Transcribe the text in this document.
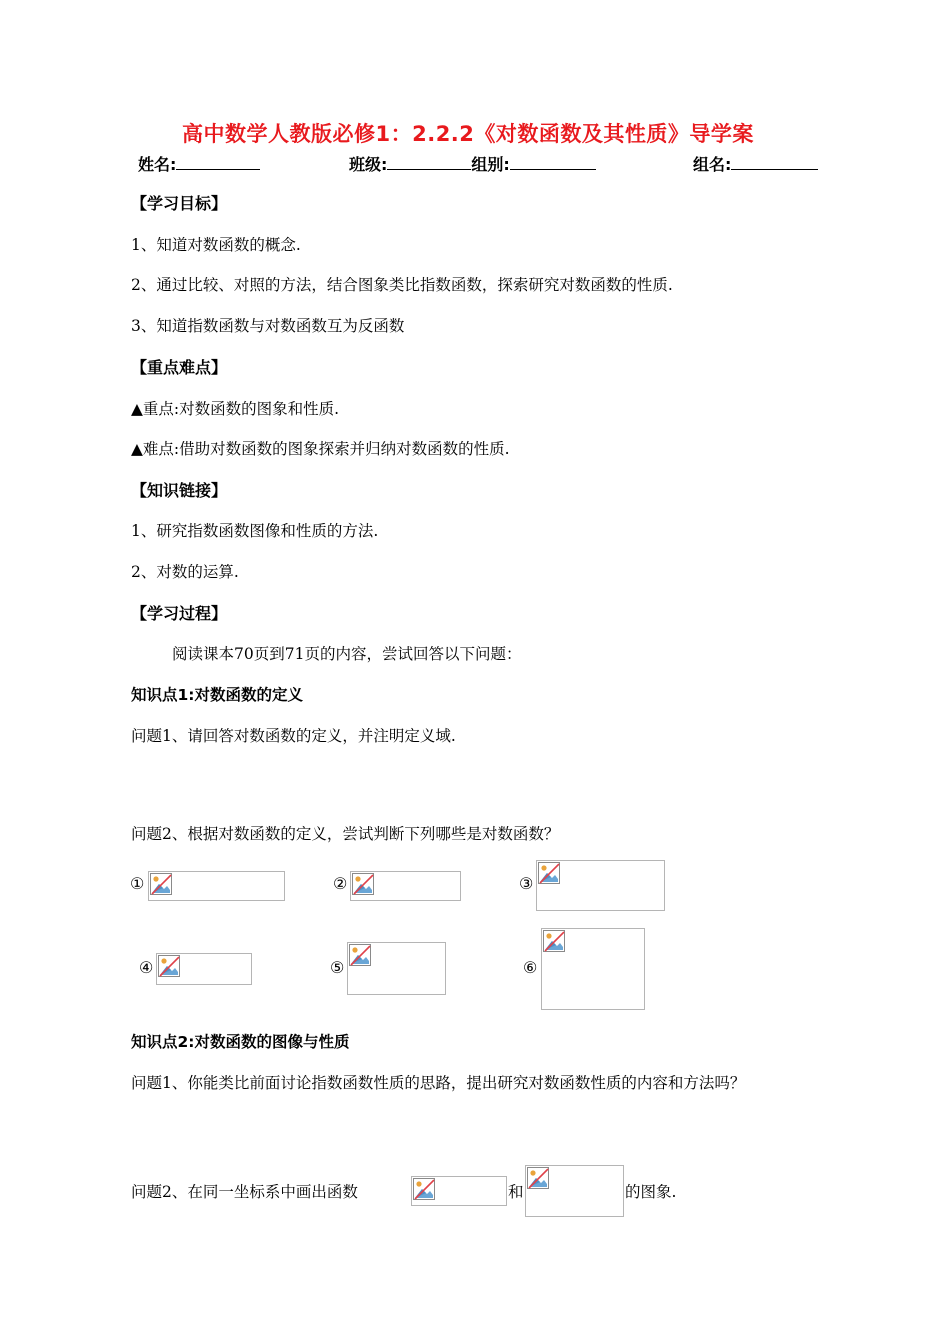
高中数学人教版必修1：2.2.2《对数函数及其性质》导学案
姓名:	班级:	组别:	组名:
【学习目标】
1、知道对数函数的概念.
2、通过比较、对照的方法，结合图象类比指数函数，探索研究对数函数的性质.
3、知道指数函数与对数函数互为反函数
【重点难点】
▲重点:对数函数的图象和性质.
▲难点:借助对数函数的图象探索并归纳对数函数的性质.
【知识链接】
1、研究指数函数图像和性质的方法.
2、对数的运算.
【学习过程】
阅读课本70页到71页的内容，尝试回答以下问题：
知识点1:对数函数的定义
问题1、请回答对数函数的定义，并注明定义域.
问题2、根据对数函数的定义，尝试判断下列哪些是对数函数？
①	②	③
④	⑤	⑥
知识点2:对数函数的图像与性质
问题1、你能类比前面讨论指数函数性质的思路，提出研究对数函数性质的内容和方法吗？
问题2、在同一坐标系中画出函数	和	的图象.
